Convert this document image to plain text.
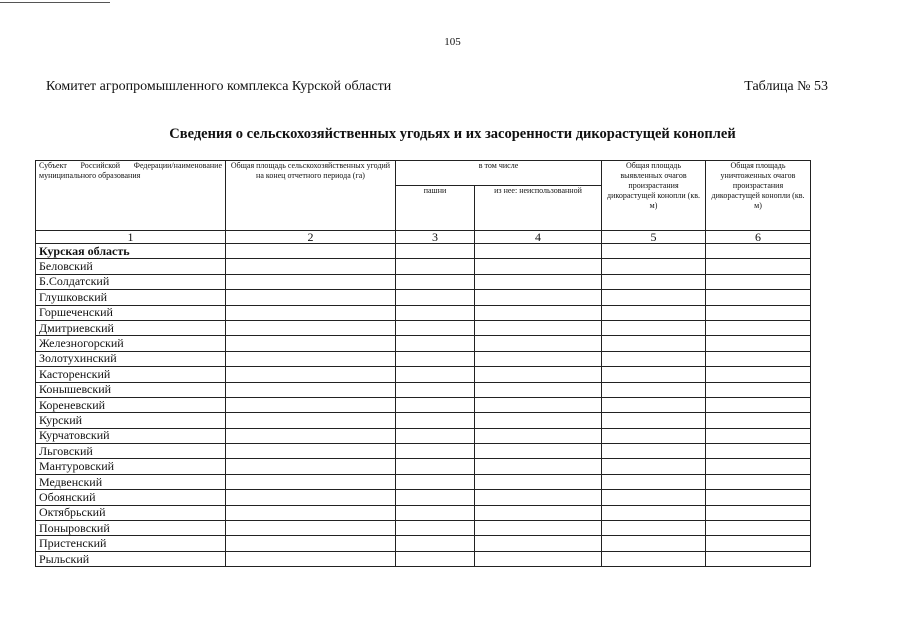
105
Комитет агропромышленного комплекса Курской области	Таблица № 53
Сведения о сельскохозяйственных угодьях и их засоренности дикорастущей коноплей
Субъект Российской Федерации/наименование муниципального образования	Общая площадь сельскохозяйственных угодий на конец отчетного периода (га)	в том числе		Общая площадь выявленных очагов произрастания дикорастущей конопли (кв. м)	Общая площадь уничтоженных очагов произрастания дикорастущей конопли (кв. м)
		пашни	из нее: неиспользованной		
1	2	3	4	5	6
Курская область					
Беловский					
Б.Солдатский					
Глушковский					
Горшеченский					
Дмитриевский					
Железногорский					
Золотухинский					
Касторенский					
Конышевский					
Кореневский					
Курский					
Курчатовский					
Льговский					
Мантуровский					
Медвенский					
Обоянский					
Октябрьский					
Поныровский					
Пристенский					
Рыльский					
